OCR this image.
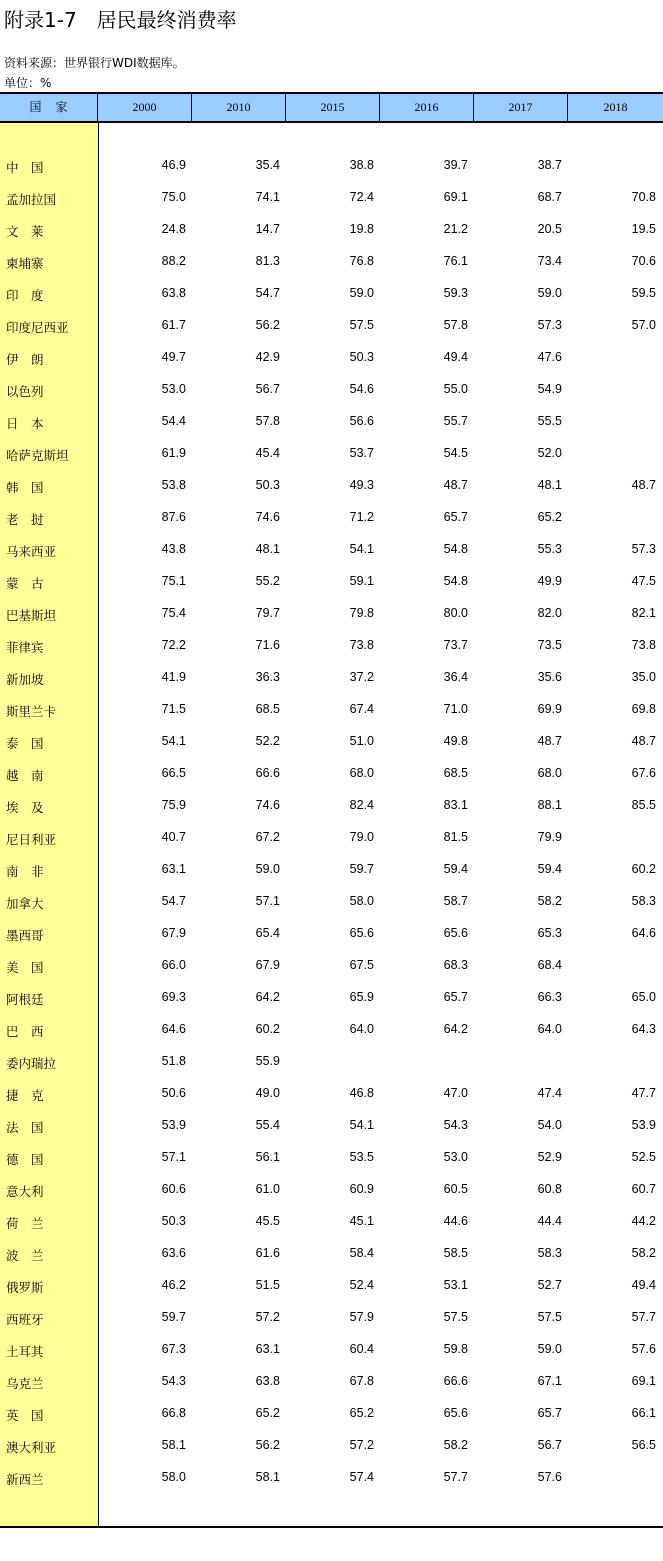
附录1-7　居民最终消费率
资料来源：世界银行WDI数据库。
单位：%
国家	2000	2010	2015	2016	2017	2018
中　国	46.9	35.4	38.8	39.7	38.7
孟加拉国	75.0	74.1	72.4	69.1	68.7	70.8
文　莱	24.8	14.7	19.8	21.2	20.5	19.5
柬埔寨	88.2	81.3	76.8	76.1	73.4	70.6
印　度	63.8	54.7	59.0	59.3	59.0	59.5
印度尼西亚	61.7	56.2	57.5	57.8	57.3	57.0
伊　朗	49.7	42.9	50.3	49.4	47.6
以色列	53.0	56.7	54.6	55.0	54.9
日　本	54.4	57.8	56.6	55.7	55.5
哈萨克斯坦	61.9	45.4	53.7	54.5	52.0
韩　国	53.8	50.3	49.3	48.7	48.1	48.7
老　挝	87.6	74.6	71.2	65.7	65.2
马来西亚	43.8	48.1	54.1	54.8	55.3	57.3
蒙　古	75.1	55.2	59.1	54.8	49.9	47.5
巴基斯坦	75.4	79.7	79.8	80.0	82.0	82.1
菲律宾	72.2	71.6	73.8	73.7	73.5	73.8
新加坡	41.9	36.3	37.2	36.4	35.6	35.0
斯里兰卡	71.5	68.5	67.4	71.0	69.9	69.8
泰　国	54.1	52.2	51.0	49.8	48.7	48.7
越　南	66.5	66.6	68.0	68.5	68.0	67.6
埃　及	75.9	74.6	82.4	83.1	88.1	85.5
尼日利亚	40.7	67.2	79.0	81.5	79.9
南　非	63.1	59.0	59.7	59.4	59.4	60.2
加拿大	54.7	57.1	58.0	58.7	58.2	58.3
墨西哥	67.9	65.4	65.6	65.6	65.3	64.6
美　国	66.0	67.9	67.5	68.3	68.4
阿根廷	69.3	64.2	65.9	65.7	66.3	65.0
巴　西	64.6	60.2	64.0	64.2	64.0	64.3
委内瑞拉	51.8	55.9
捷　克	50.6	49.0	46.8	47.0	47.4	47.7
法　国	53.9	55.4	54.1	54.3	54.0	53.9
德　国	57.1	56.1	53.5	53.0	52.9	52.5
意大利	60.6	61.0	60.9	60.5	60.8	60.7
荷　兰	50.3	45.5	45.1	44.6	44.4	44.2
波　兰	63.6	61.6	58.4	58.5	58.3	58.2
俄罗斯	46.2	51.5	52.4	53.1	52.7	49.4
西班牙	59.7	57.2	57.9	57.5	57.5	57.7
土耳其	67.3	63.1	60.4	59.8	59.0	57.6
乌克兰	54.3	63.8	67.8	66.6	67.1	69.1
英　国	66.8	65.2	65.2	65.6	65.7	66.1
澳大利亚	58.1	56.2	57.2	58.2	56.7	56.5
新西兰	58.0	58.1	57.4	57.7	57.6
